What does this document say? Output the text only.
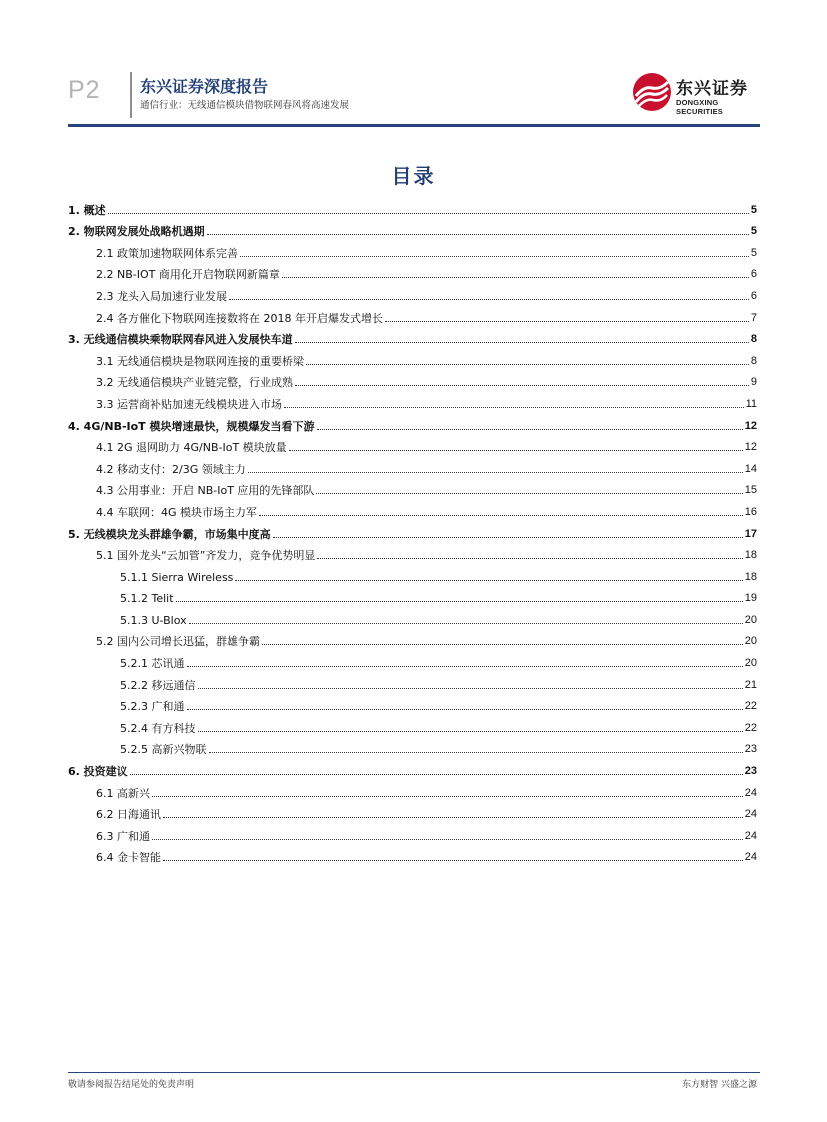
P2 东兴证券深度报告
通信行业：无线通信模块借物联网春风将高速发展
东兴证券
DONGXING SECURITIES
目录
1. 概述	5
2. 物联网发展处战略机遇期	5
2.1 政策加速物联网体系完善	5
2.2 NB-IOT 商用化开启物联网新篇章	6
2.3 龙头入局加速行业发展	6
2.4 各方催化下物联网连接数将在 2018 年开启爆发式增长	7
3. 无线通信模块乘物联网春风进入发展快车道	8
3.1 无线通信模块是物联网连接的重要桥梁	8
3.2 无线通信模块产业链完整，行业成熟	9
3.3 运营商补贴加速无线模块进入市场	11
4. 4G/NB-IoT 模块增速最快，规模爆发当看下游	12
4.1 2G 退网助力 4G/NB-IoT 模块放量	12
4.2 移动支付：2/3G 领域主力	14
4.3 公用事业：开启 NB-IoT 应用的先锋部队	15
4.4 车联网：4G 模块市场主力军	16
5. 无线模块龙头群雄争霸，市场集中度高	17
5.1 国外龙头“云加管”齐发力，竞争优势明显	18
5.1.1 Sierra Wireless	18
5.1.2 Telit	19
5.1.3 U-Blox	20
5.2 国内公司增长迅猛，群雄争霸	20
5.2.1 芯讯通	20
5.2.2 移远通信	21
5.2.3 广和通	22
5.2.4 有方科技	22
5.2.5 高新兴物联	23
6. 投资建议	23
6.1 高新兴	24
6.2 日海通讯	24
6.3 广和通	24
6.4 金卡智能	24
敬请参阅报告结尾处的免责声明	东方财智 兴盛之源
